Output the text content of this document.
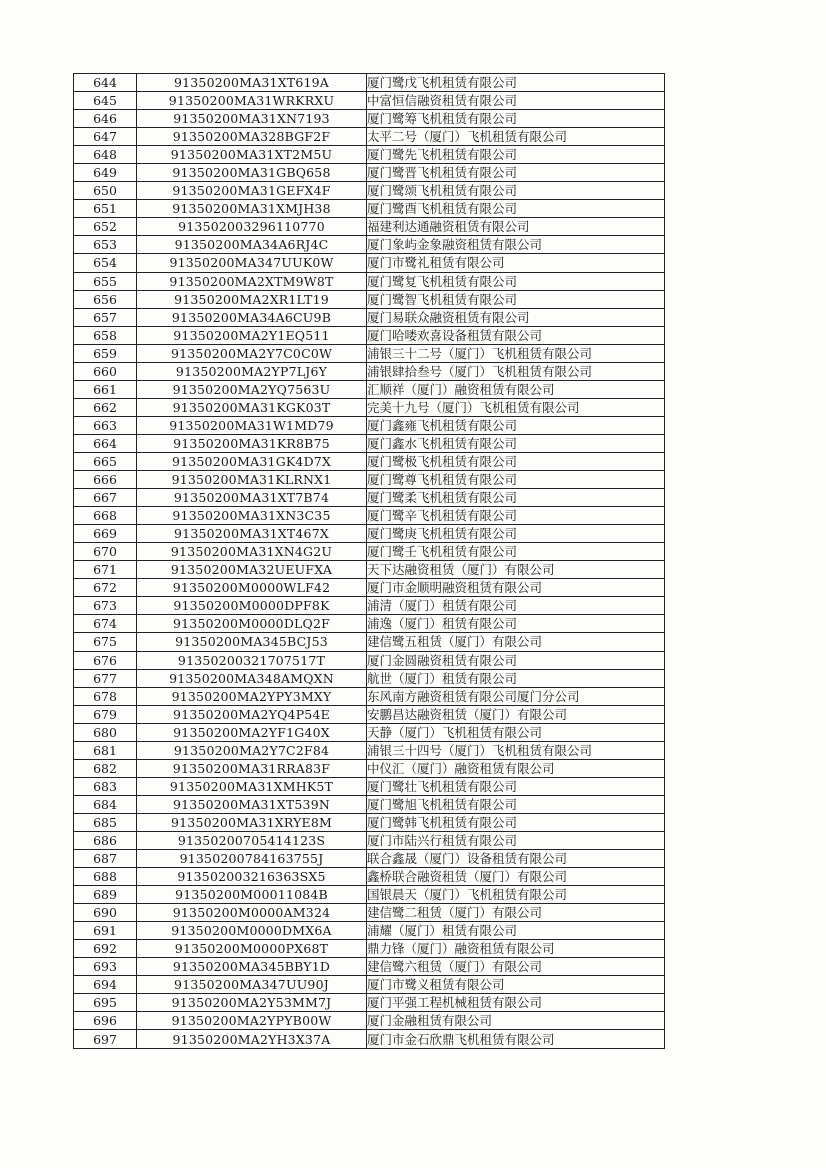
644	91350200MA31XT619A	厦门鹭戊飞机租赁有限公司
645	91350200MA31WRKRXU	中富恒信融资租赁有限公司
646	91350200MA31XN7193	厦门鹭筹飞机租赁有限公司
647	91350200MA328BGF2F	太平二号（厦门）飞机租赁有限公司
648	91350200MA31XT2M5U	厦门鹭先飞机租赁有限公司
649	91350200MA31GBQ658	厦门鹭晋飞机租赁有限公司
650	91350200MA31GEFX4F	厦门鹭颂飞机租赁有限公司
651	91350200MA31XMJH38	厦门鹭酉飞机租赁有限公司
652	913502003296110770	福建利达通融资租赁有限公司
653	91350200MA34A6RJ4C	厦门象屿金象融资租赁有限公司
654	91350200MA347UUK0W	厦门市鹭礼租赁有限公司
655	91350200MA2XTM9W8T	厦门鹭复飞机租赁有限公司
656	91350200MA2XR1LT19	厦门鹭智飞机租赁有限公司
657	91350200MA34A6CU9B	厦门易联众融资租赁有限公司
658	91350200MA2Y1EQ511	厦门哈喽欢喜设备租赁有限公司
659	91350200MA2Y7C0C0W	浦银三十二号（厦门）飞机租赁有限公司
660	91350200MA2YP7LJ6Y	浦银肆拾叁号（厦门）飞机租赁有限公司
661	91350200MA2YQ7563U	汇顺祥（厦门）融资租赁有限公司
662	91350200MA31KGK03T	完美十九号（厦门）飞机租赁有限公司
663	91350200MA31W1MD79	厦门鑫雍飞机租赁有限公司
664	91350200MA31KR8B75	厦门鑫水飞机租赁有限公司
665	91350200MA31GK4D7X	厦门鹭极飞机租赁有限公司
666	91350200MA31KLRNX1	厦门鹭尊飞机租赁有限公司
667	91350200MA31XT7B74	厦门鹭柔飞机租赁有限公司
668	91350200MA31XN3C35	厦门鹭辛飞机租赁有限公司
669	91350200MA31XT467X	厦门鹭庚飞机租赁有限公司
670	91350200MA31XN4G2U	厦门鹭壬飞机租赁有限公司
671	91350200MA32UEUFXA	天下达融资租赁（厦门）有限公司
672	91350200M0000WLF42	厦门市金顺明融资租赁有限公司
673	91350200M0000DPF8K	浦清（厦门）租赁有限公司
674	91350200M0000DLQ2F	浦逸（厦门）租赁有限公司
675	91350200MA345BCJ53	建信鹭五租赁（厦门）有限公司
676	91350200321707517T	厦门金圆融资租赁有限公司
677	91350200MA348AMQXN	航世（厦门）租赁有限公司
678	91350200MA2YPY3MXY	东风南方融资租赁有限公司厦门分公司
679	91350200MA2YQ4P54E	安鹏昌达融资租赁（厦门）有限公司
680	91350200MA2YF1G40X	天静（厦门）飞机租赁有限公司
681	91350200MA2Y7C2F84	浦银三十四号（厦门）飞机租赁有限公司
682	91350200MA31RRA83F	中仪汇（厦门）融资租赁有限公司
683	91350200MA31XMHK5T	厦门鹭壮飞机租赁有限公司
684	91350200MA31XT539N	厦门鹭旭飞机租赁有限公司
685	91350200MA31XRYE8M	厦门鹭韩飞机租赁有限公司
686	91350200705414123S	厦门市陆兴行租赁有限公司
687	91350200784163755J	联合鑫晟（厦门）设备租赁有限公司
688	913502003216363SX5	鑫桥联合融资租赁（厦门）有限公司
689	91350200M00011084B	国银晨天（厦门）飞机租赁有限公司
690	91350200M0000AM324	建信鹭二租赁（厦门）有限公司
691	91350200M0000DMX6A	浦耀（厦门）租赁有限公司
692	91350200M0000PX68T	鼎力锋（厦门）融资租赁有限公司
693	91350200MA345BBY1D	建信鹭六租赁（厦门）有限公司
694	91350200MA347UU90J	厦门市鹭义租赁有限公司
695	91350200MA2Y53MM7J	厦门平强工程机械租赁有限公司
696	91350200MA2YPYB00W	厦门金融租赁有限公司
697	91350200MA2YH3X37A	厦门市金石欣鼎飞机租赁有限公司
